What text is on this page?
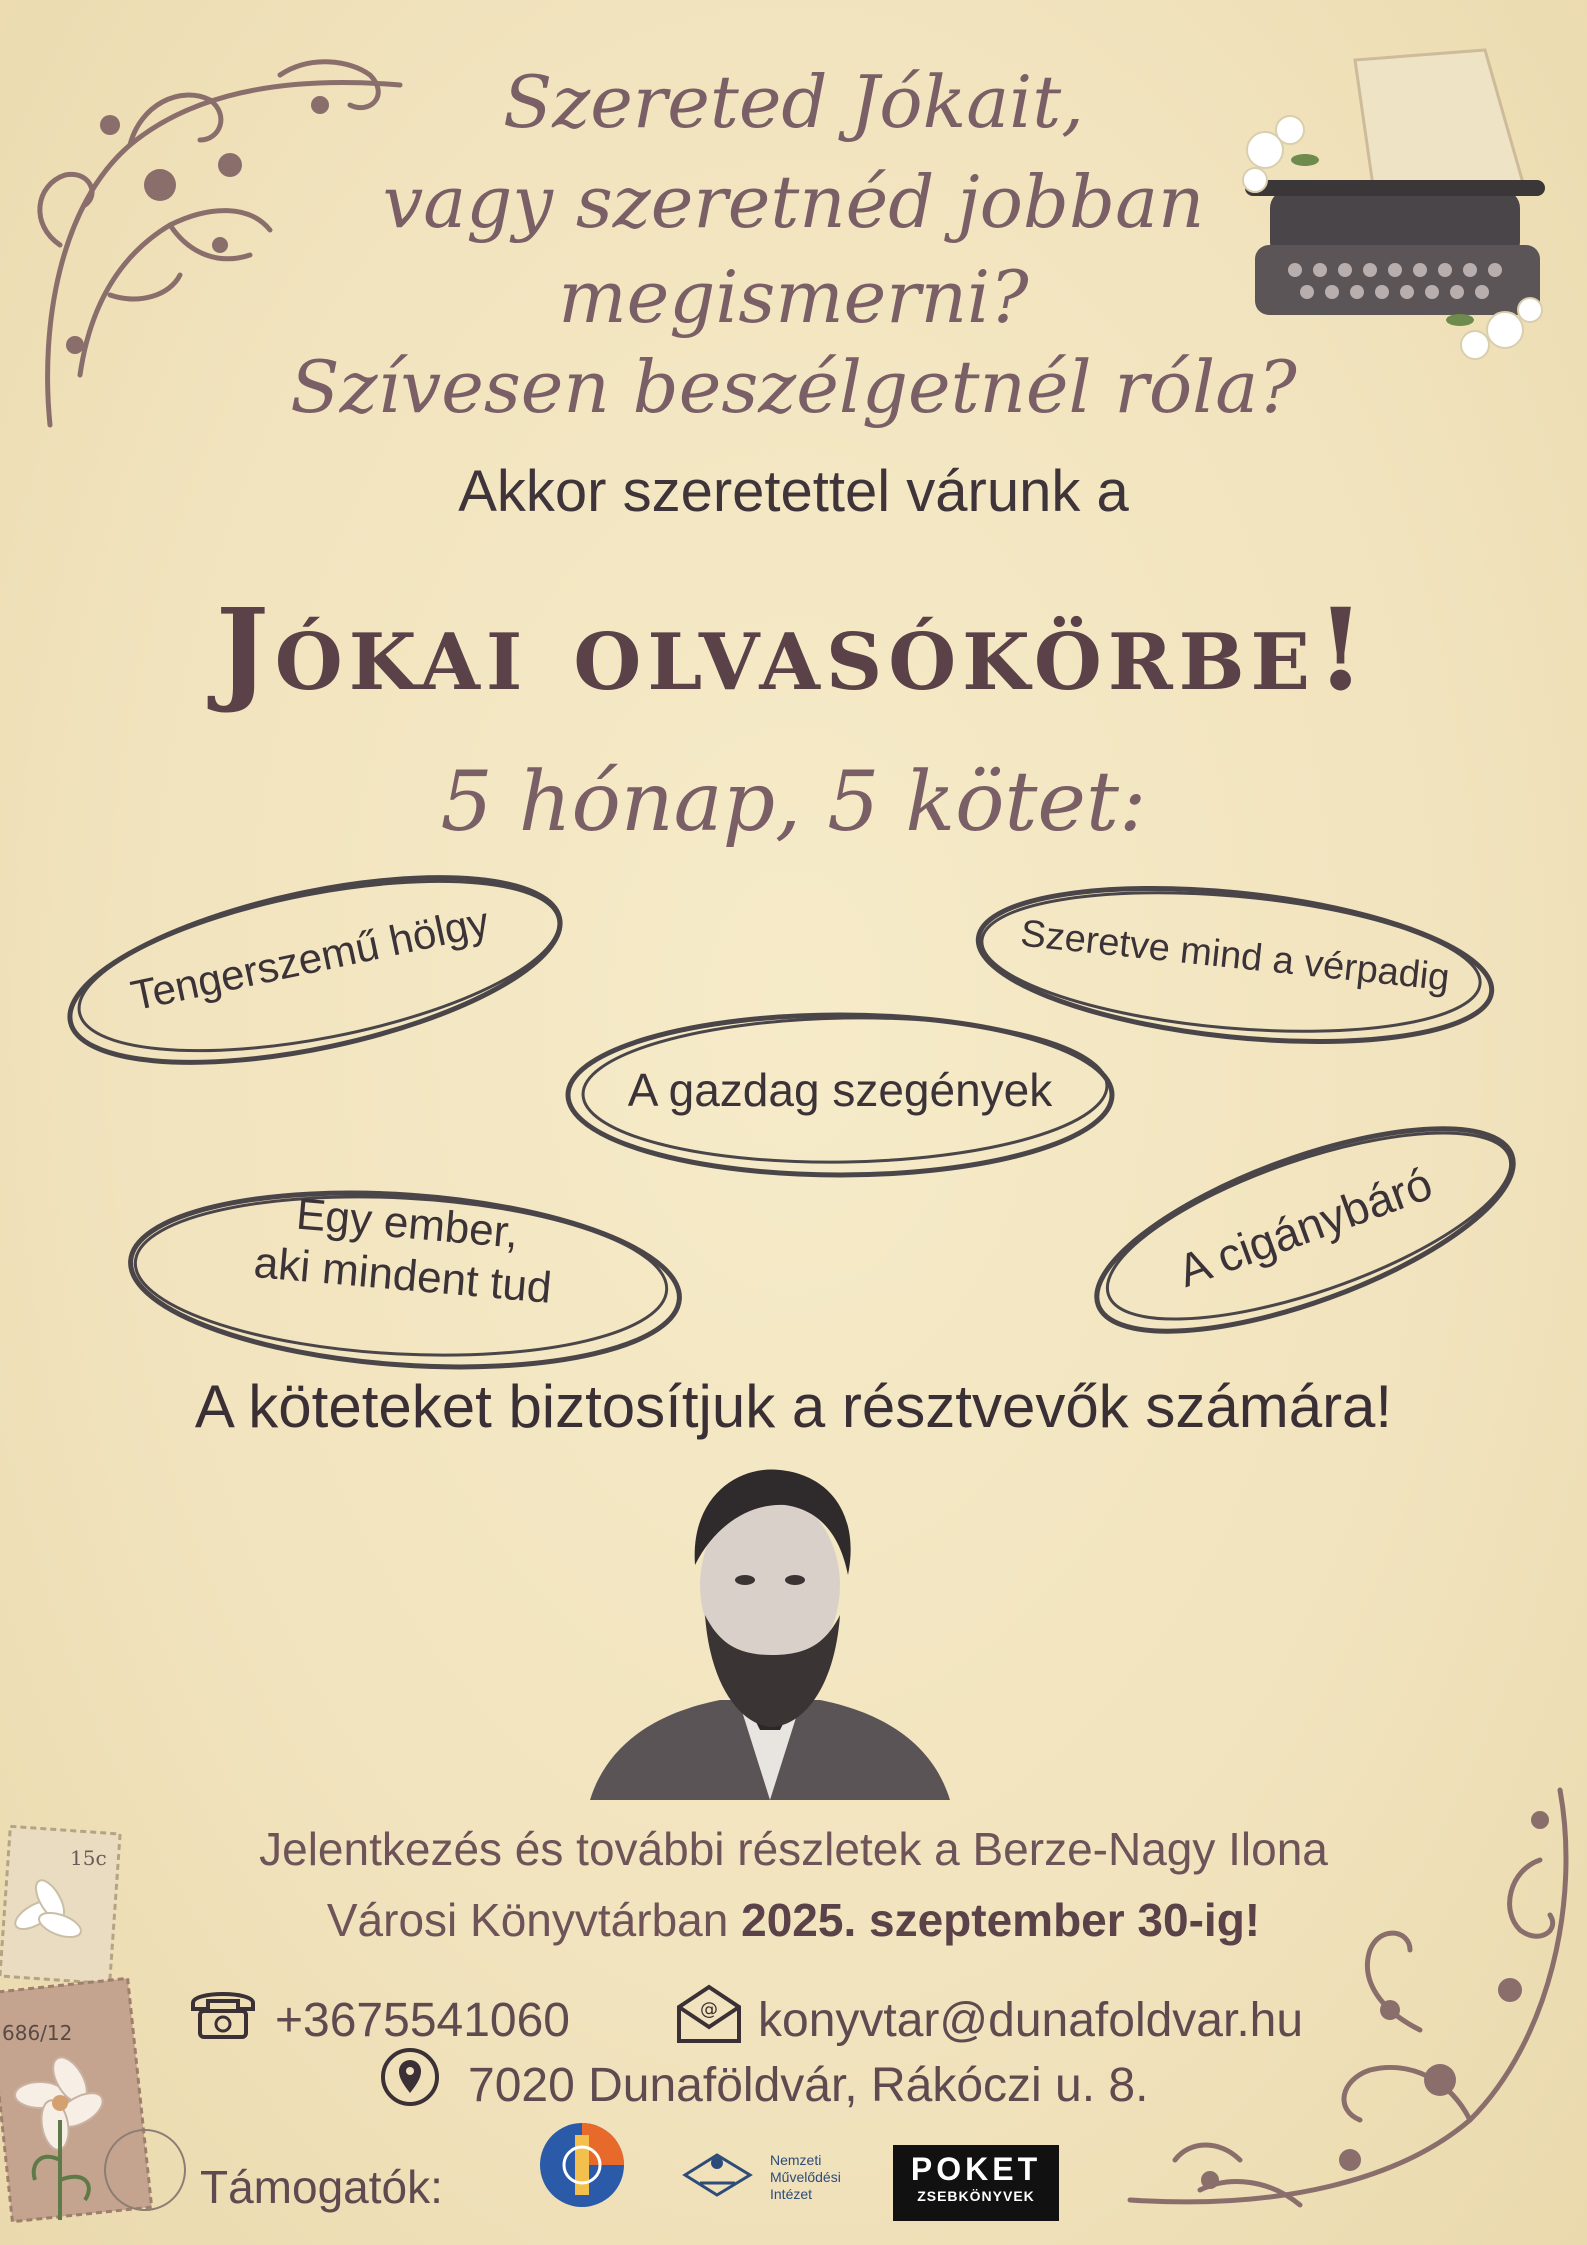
Szereted Jókait,
vagy szeretnéd jobban
megismerni?
Szívesen beszélgetnél róla?
Akkor szeretettel várunk a
Jókai olvasókörbe!
5 hónap, 5 kötet:
Tengerszemű hölgy	Szeretve mind a vérpadig
A gazdag szegények
Egy ember,
aki mindent tud	A cigánybáró
A köteteket biztosítjuk a résztvevők számára!
15c
686/12
Jelentkezés és további részletek a Berze-Nagy Ilona
Városi Könyvtárban 2025. szeptember 30-ig!
+3675541060	@ konyvtar@dunafoldvar.hu
7020 Dunaföldvár, Rákóczi u. 8.
Támogatók:
Nemzeti
Művelődési
Intézet
POKET
ZSEBKÖNYVEK
